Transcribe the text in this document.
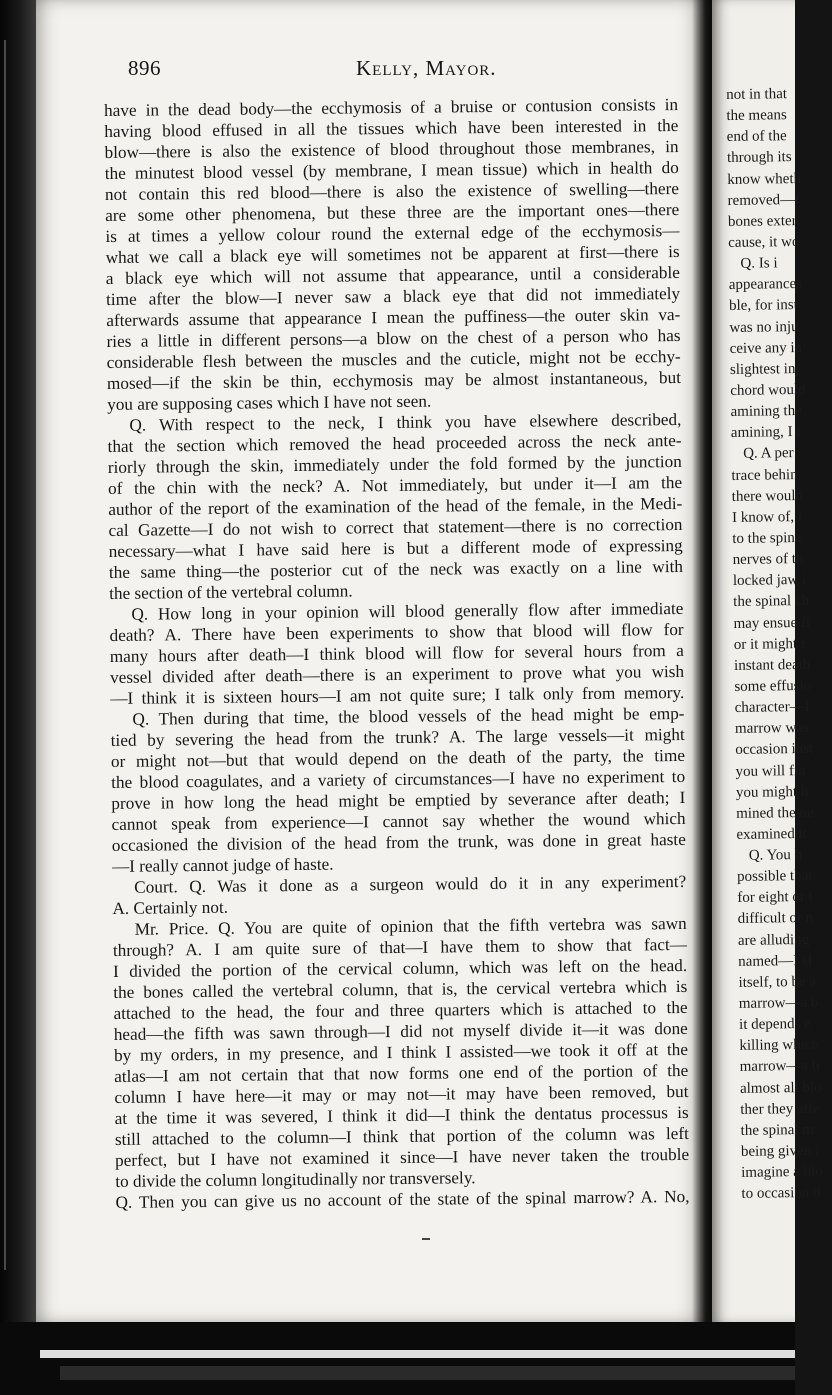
896	Kelly, Mayor.
have in the dead body—the ecchymosis of a bruise or contusion consists in
having blood effused in all the tissues which have been interested in the
blow—there is also the existence of blood throughout those membranes, in
the minutest blood vessel (by membrane, I mean tissue) which in health do
not contain this red blood—there is also the existence of swelling—there
are some other phenomena, but these three are the important ones—there
is at times a yellow colour round the external edge of the ecchymosis—
what we call a black eye will sometimes not be apparent at first—there is
a black eye which will not assume that appearance, until a considerable
time after the blow—I never saw a black eye that did not immediately
afterwards assume that appearance I mean the puffiness—the outer skin va-
ries a little in different persons—a blow on the chest of a person who has
considerable flesh between the muscles and the cuticle, might not be ecchy-
mosed—if the skin be thin, ecchymosis may be almost instantaneous, but
you are supposing cases which I have not seen.
Q. With respect to the neck, I think you have elsewhere described,
that the section which removed the head proceeded across the neck ante-
riorly through the skin, immediately under the fold formed by the junction
of the chin with the neck? A. Not immediately, but under it—I am the
author of the report of the examination of the head of the female, in the Medi-
cal Gazette—I do not wish to correct that statement—there is no correction
necessary—what I have said here is but a different mode of expressing
the same thing—the posterior cut of the neck was exactly on a line with
the section of the vertebral column.
Q. How long in your opinion will blood generally flow after immediate
death? A. There have been experiments to show that blood will flow for
many hours after death—I think blood will flow for several hours from a
vessel divided after death—there is an experiment to prove what you wish
—I think it is sixteen hours—I am not quite sure; I talk only from memory.
Q. Then during that time, the blood vessels of the head might be emp-
tied by severing the head from the trunk? A. The large vessels—it might
or might not—but that would depend on the death of the party, the time
the blood coagulates, and a variety of circumstances—I have no experiment to
prove in how long the head might be emptied by severance after death; I
cannot speak from experience—I cannot say whether the wound which
occasioned the division of the head from the trunk, was done in great haste
—I really cannot judge of haste.
Court. Q. Was it done as a surgeon would do it in any experiment?
A. Certainly not.
Mr. Price. Q. You are quite of opinion that the fifth vertebra was sawn
through? A. I am quite sure of that—I have them to show that fact—
I divided the portion of the cervical column, which was left on the head.
the bones called the vertebral column, that is, the cervical vertebra which is
attached to the head, the four and three quarters which is attached to the
head—the fifth was sawn through—I did not myself divide it—it was done
by my orders, in my presence, and I think I assisted—we took it off at the
atlas—I am not certain that that now forms one end of the portion of the
column I have here—it may or may not—it may have been removed, but
at the time it was severed, I think it did—I think the dentatus processus is
still attached to the column—I think that portion of the column was left
perfect, but I have not examined it since—I have never taken the trouble
to divide the column longitudinally nor transversely.
Q. Then you can give us no account of the state of the spinal marrow? A. No,
not in that
the means
end of the
through its
know wheth
removed—t
bones exter
cause, it wo
Q. Is i
appearances
ble, for inst
was no inju
ceive any in
slightest inj
chord would
amining the
amining, I r
Q. A per
trace behin
there would
I know of, i
to the spina
nerves of th
locked jaw i
the spinal ch
may ensue fi
or it might r
instant death
some effusio
character—I
marrow was
occasion inst
you will fin
you might h
mined the ne
examined it
Q. You h
possible that
for eight or t
difficult or n
are alluding
named—I sl
itself, to be a
marrow—a b
it depends e
killing which
marrow—a b
almost all blo
ther they affe
the spinal m
being given i
imagine a blo
to occasion d
